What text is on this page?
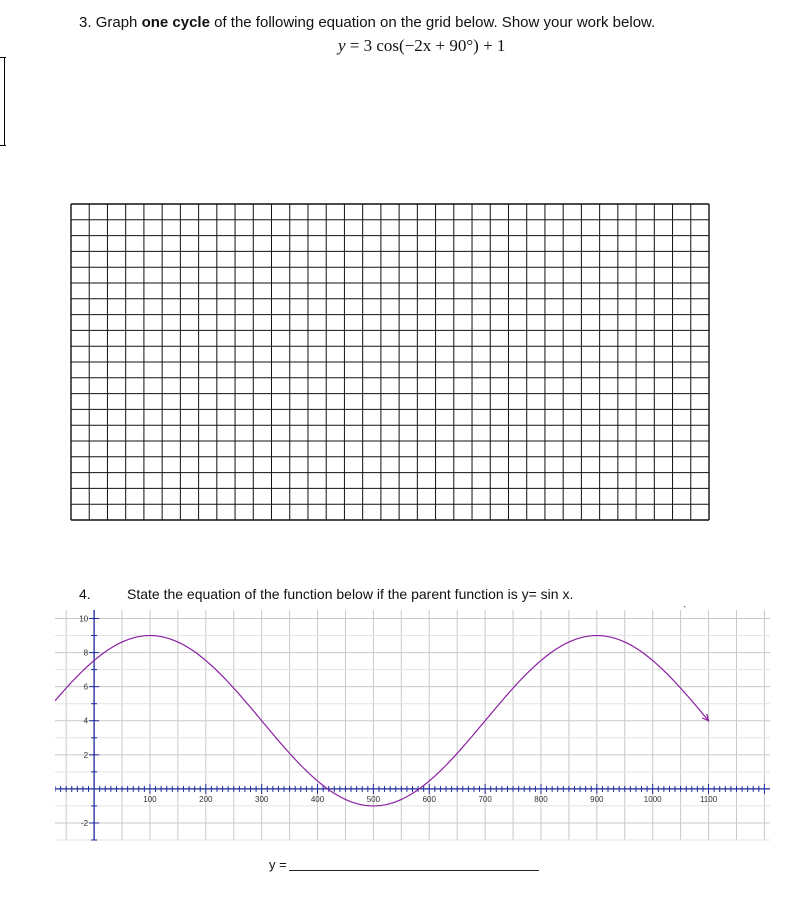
3. Graph one cycle of the following equation on the grid below. Show your work below.
y = 3 cos(−2x + 90°) + 1
4.	State the equation of the function below if the parent function is y= sin x.
˴
100	200	300	400	500	600	700	800	900	1000	1100
10
8
6
4
2
-2
y =
